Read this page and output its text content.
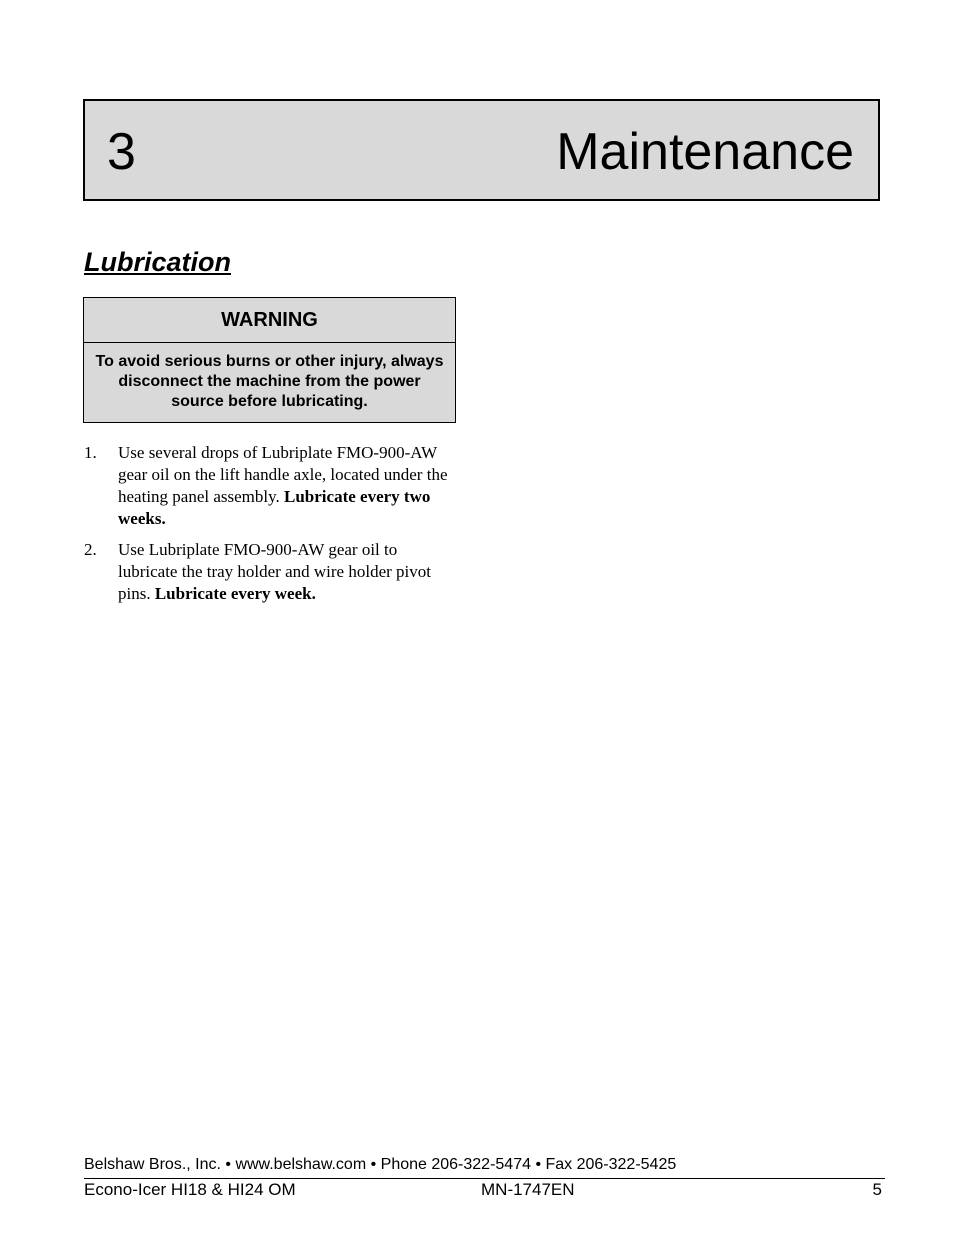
3	Maintenance
Lubrication
WARNING
To avoid serious burns or other injury, always disconnect the machine from the power source before lubricating.
1. Use several drops of Lubriplate FMO-900-AW gear oil on the lift handle axle, located under the heating panel assembly. Lubricate every two weeks.
2. Use Lubriplate FMO-900-AW gear oil to lubricate the tray holder and wire holder pivot pins. Lubricate every week.
Belshaw Bros., Inc. • www.belshaw.com • Phone 206-322-5474 • Fax 206-322-5425
Econo-Icer HI18 & HI24 OM	MN-1747EN	5
